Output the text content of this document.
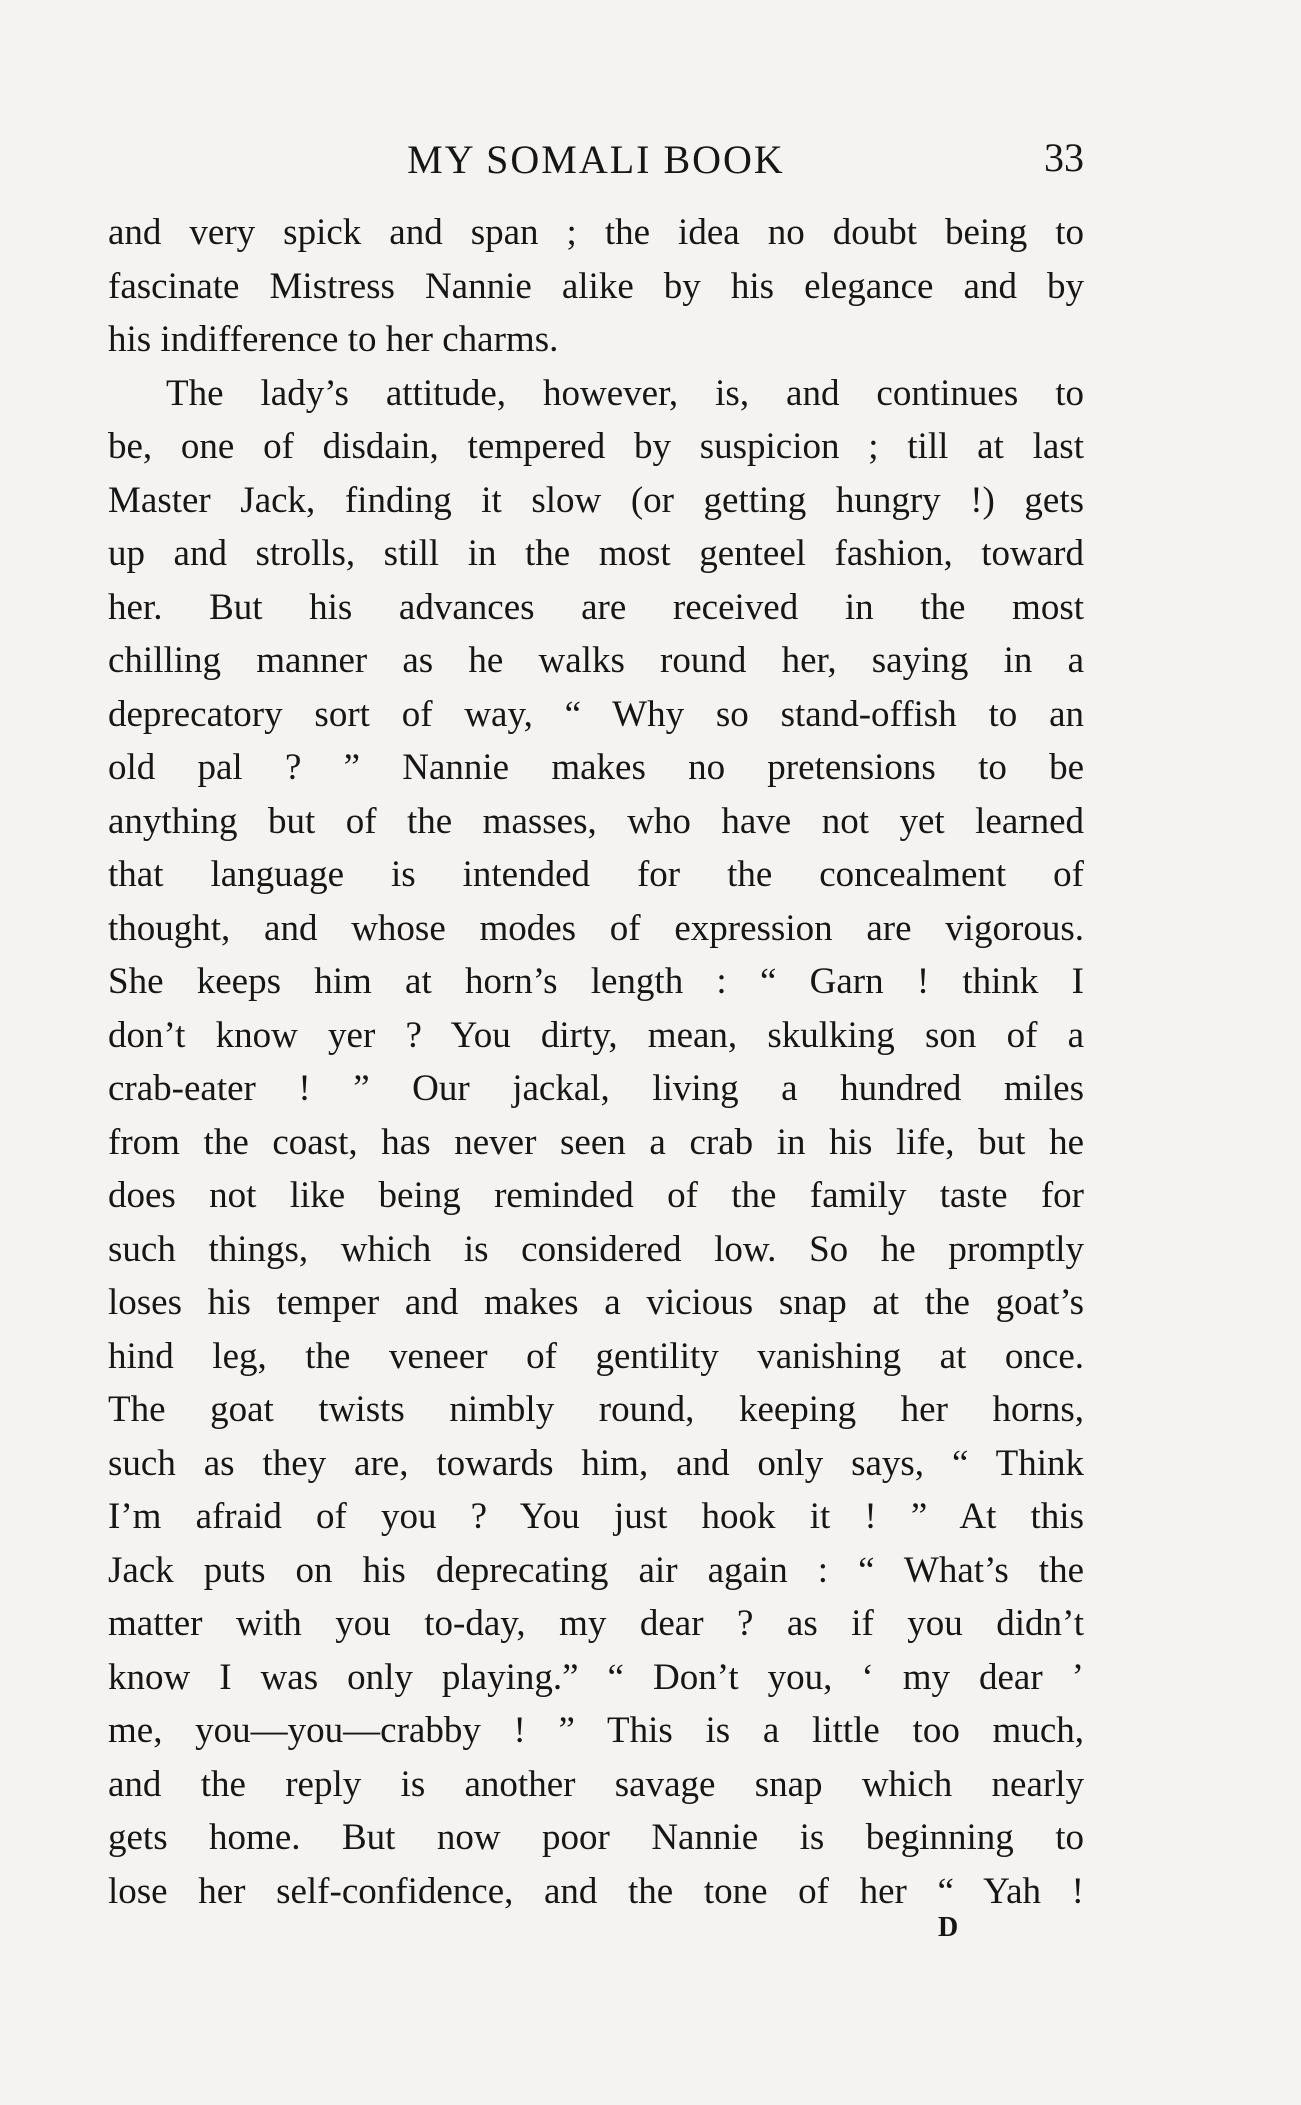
MY SOMALI BOOK	33
and very spick and span ; the idea no doubt being to
fascinate Mistress Nannie alike by his elegance and by
his indifference to her charms.
The lady’s attitude, however, is, and continues to
be, one of disdain, tempered by suspicion ; till at last
Master Jack, finding it slow (or getting hungry !) gets
up and strolls, still in the most genteel fashion, toward
her. But his advances are received in the most
chilling manner as he walks round her, saying in a
deprecatory sort of way, “ Why so stand-offish to an
old pal ? ” Nannie makes no pretensions to be
anything but of the masses, who have not yet learned
that language is intended for the concealment of
thought, and whose modes of expression are vigorous.
She keeps him at horn’s length : “ Garn ! think I
don’t know yer ? You dirty, mean, skulking son of a
crab-eater ! ” Our jackal, living a hundred miles
from the coast, has never seen a crab in his life, but he
does not like being reminded of the family taste for
such things, which is considered low. So he promptly
loses his temper and makes a vicious snap at the goat’s
hind leg, the veneer of gentility vanishing at once.
The goat twists nimbly round, keeping her horns,
such as they are, towards him, and only says, “ Think
I’m afraid of you ? You just hook it ! ” At this
Jack puts on his deprecating air again : “ What’s the
matter with you to-day, my dear ? as if you didn’t
know I was only playing.” “ Don’t you, ‘ my dear ’
me, you—you—crabby ! ” This is a little too much,
and the reply is another savage snap which nearly
gets home. But now poor Nannie is beginning to
lose her self-confidence, and the tone of her “ Yah !
D
